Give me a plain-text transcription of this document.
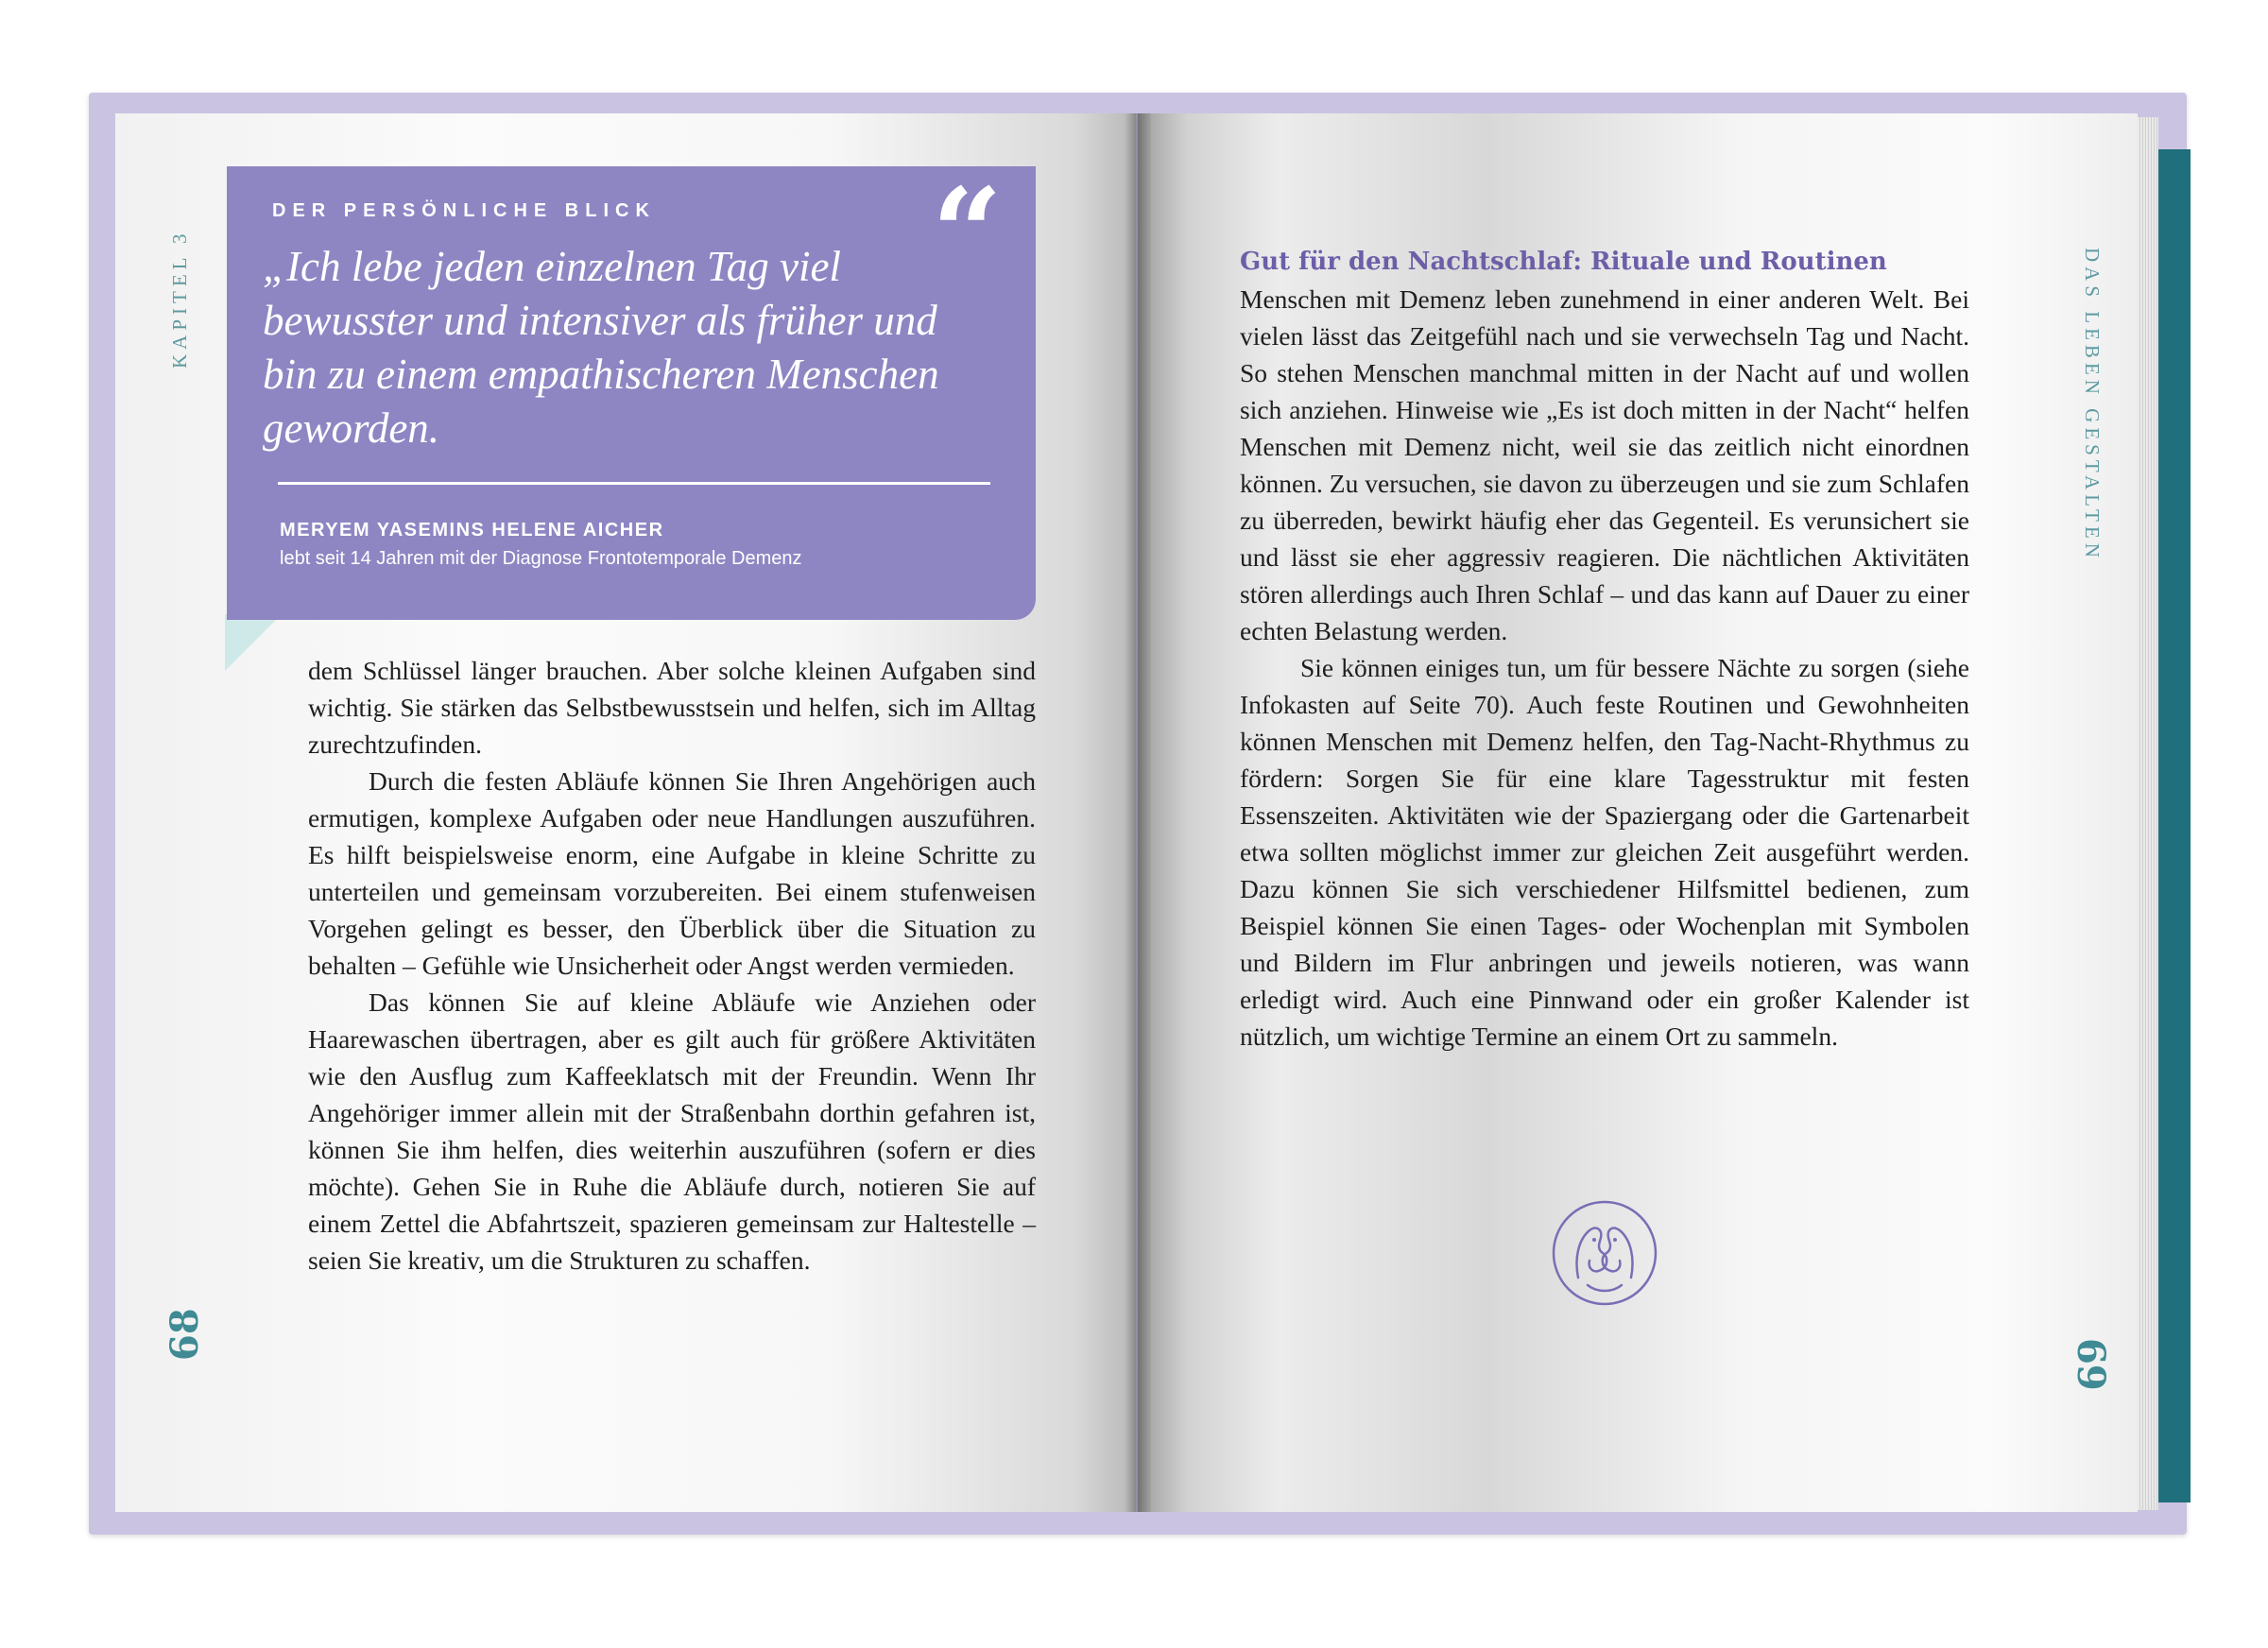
KAPITEL 3
68
DER PERSÖNLICHE BLICK “

„Ich lebe jeden einzelnen Tag viel bewusster und intensiver als früher und bin zu einem empathischeren Menschen geworden.

MERYEM YASEMINS HELENE AICHER
lebt seit 14 Jahren mit der Diagnose Frontotemporale Demenz

dem Schlüssel länger brauchen. Aber solche kleinen Aufgaben sind wichtig. Sie stärken das Selbstbewusstsein und helfen, sich im Alltag zurechtzufinden.

Durch die festen Abläufe können Sie Ihren Angehörigen auch ermutigen, komplexe Aufgaben oder neue Handlungen auszuführen. Es hilft beispielsweise enorm, eine Aufgabe in kleine Schritte zu unterteilen und gemeinsam vorzubereiten. Bei einem stufenweisen Vorgehen gelingt es besser, den Überblick über die Situation zu behalten – Gefühle wie Unsicherheit oder Angst werden vermieden.

Das können Sie auf kleine Abläufe wie Anziehen oder Haarewaschen übertragen, aber es gilt auch für größere Aktivitäten wie den Ausflug zum Kaffeeklatsch mit der Freundin. Wenn Ihr Angehöriger immer allein mit der Straßenbahn dorthin gefahren ist, können Sie ihm helfen, dies weiterhin auszuführen (sofern er dies möchte). Gehen Sie in Ruhe die Abläufe durch, notieren Sie auf einem Zettel die Abfahrtszeit, spazieren gemeinsam zur Haltestelle – seien Sie kreativ, um die Strukturen zu schaffen.

DAS LEBEN GESTALTEN
69
Gut für den Nachtschlaf: Rituale und Routinen

Menschen mit Demenz leben zunehmend in einer anderen Welt. Bei vielen lässt das Zeitgefühl nach und sie verwechseln Tag und Nacht. So stehen Menschen manchmal mitten in der Nacht auf und wollen sich anziehen. Hinweise wie „Es ist doch mitten in der Nacht“ helfen Menschen mit Demenz nicht, weil sie das zeitlich nicht einordnen können. Zu versuchen, sie davon zu überzeugen und sie zum Schlafen zu überreden, bewirkt häufig eher das Gegenteil. Es verunsichert sie und lässt sie eher aggressiv reagieren. Die nächtlichen Aktivitäten stören allerdings auch Ihren Schlaf – und das kann auf Dauer zu einer echten Belastung werden.

Sie können einiges tun, um für bessere Nächte zu sorgen (siehe Infokasten auf Seite 70). Auch feste Routinen und Gewohnheiten können Menschen mit Demenz helfen, den Tag-Nacht-Rhythmus zu fördern: Sorgen Sie für eine klare Tagesstruktur mit festen Essenszeiten. Aktivitäten wie der Spaziergang oder die Gartenarbeit etwa sollten möglichst immer zur gleichen Zeit ausgeführt werden. Dazu können Sie sich verschiedener Hilfsmittel bedienen, zum Beispiel können Sie einen Tages- oder Wochenplan mit Symbolen und Bildern im Flur anbringen und jeweils notieren, was wann erledigt wird. Auch eine Pinnwand oder ein großer Kalender ist nützlich, um wichtige Termine an einem Ort zu sammeln.
